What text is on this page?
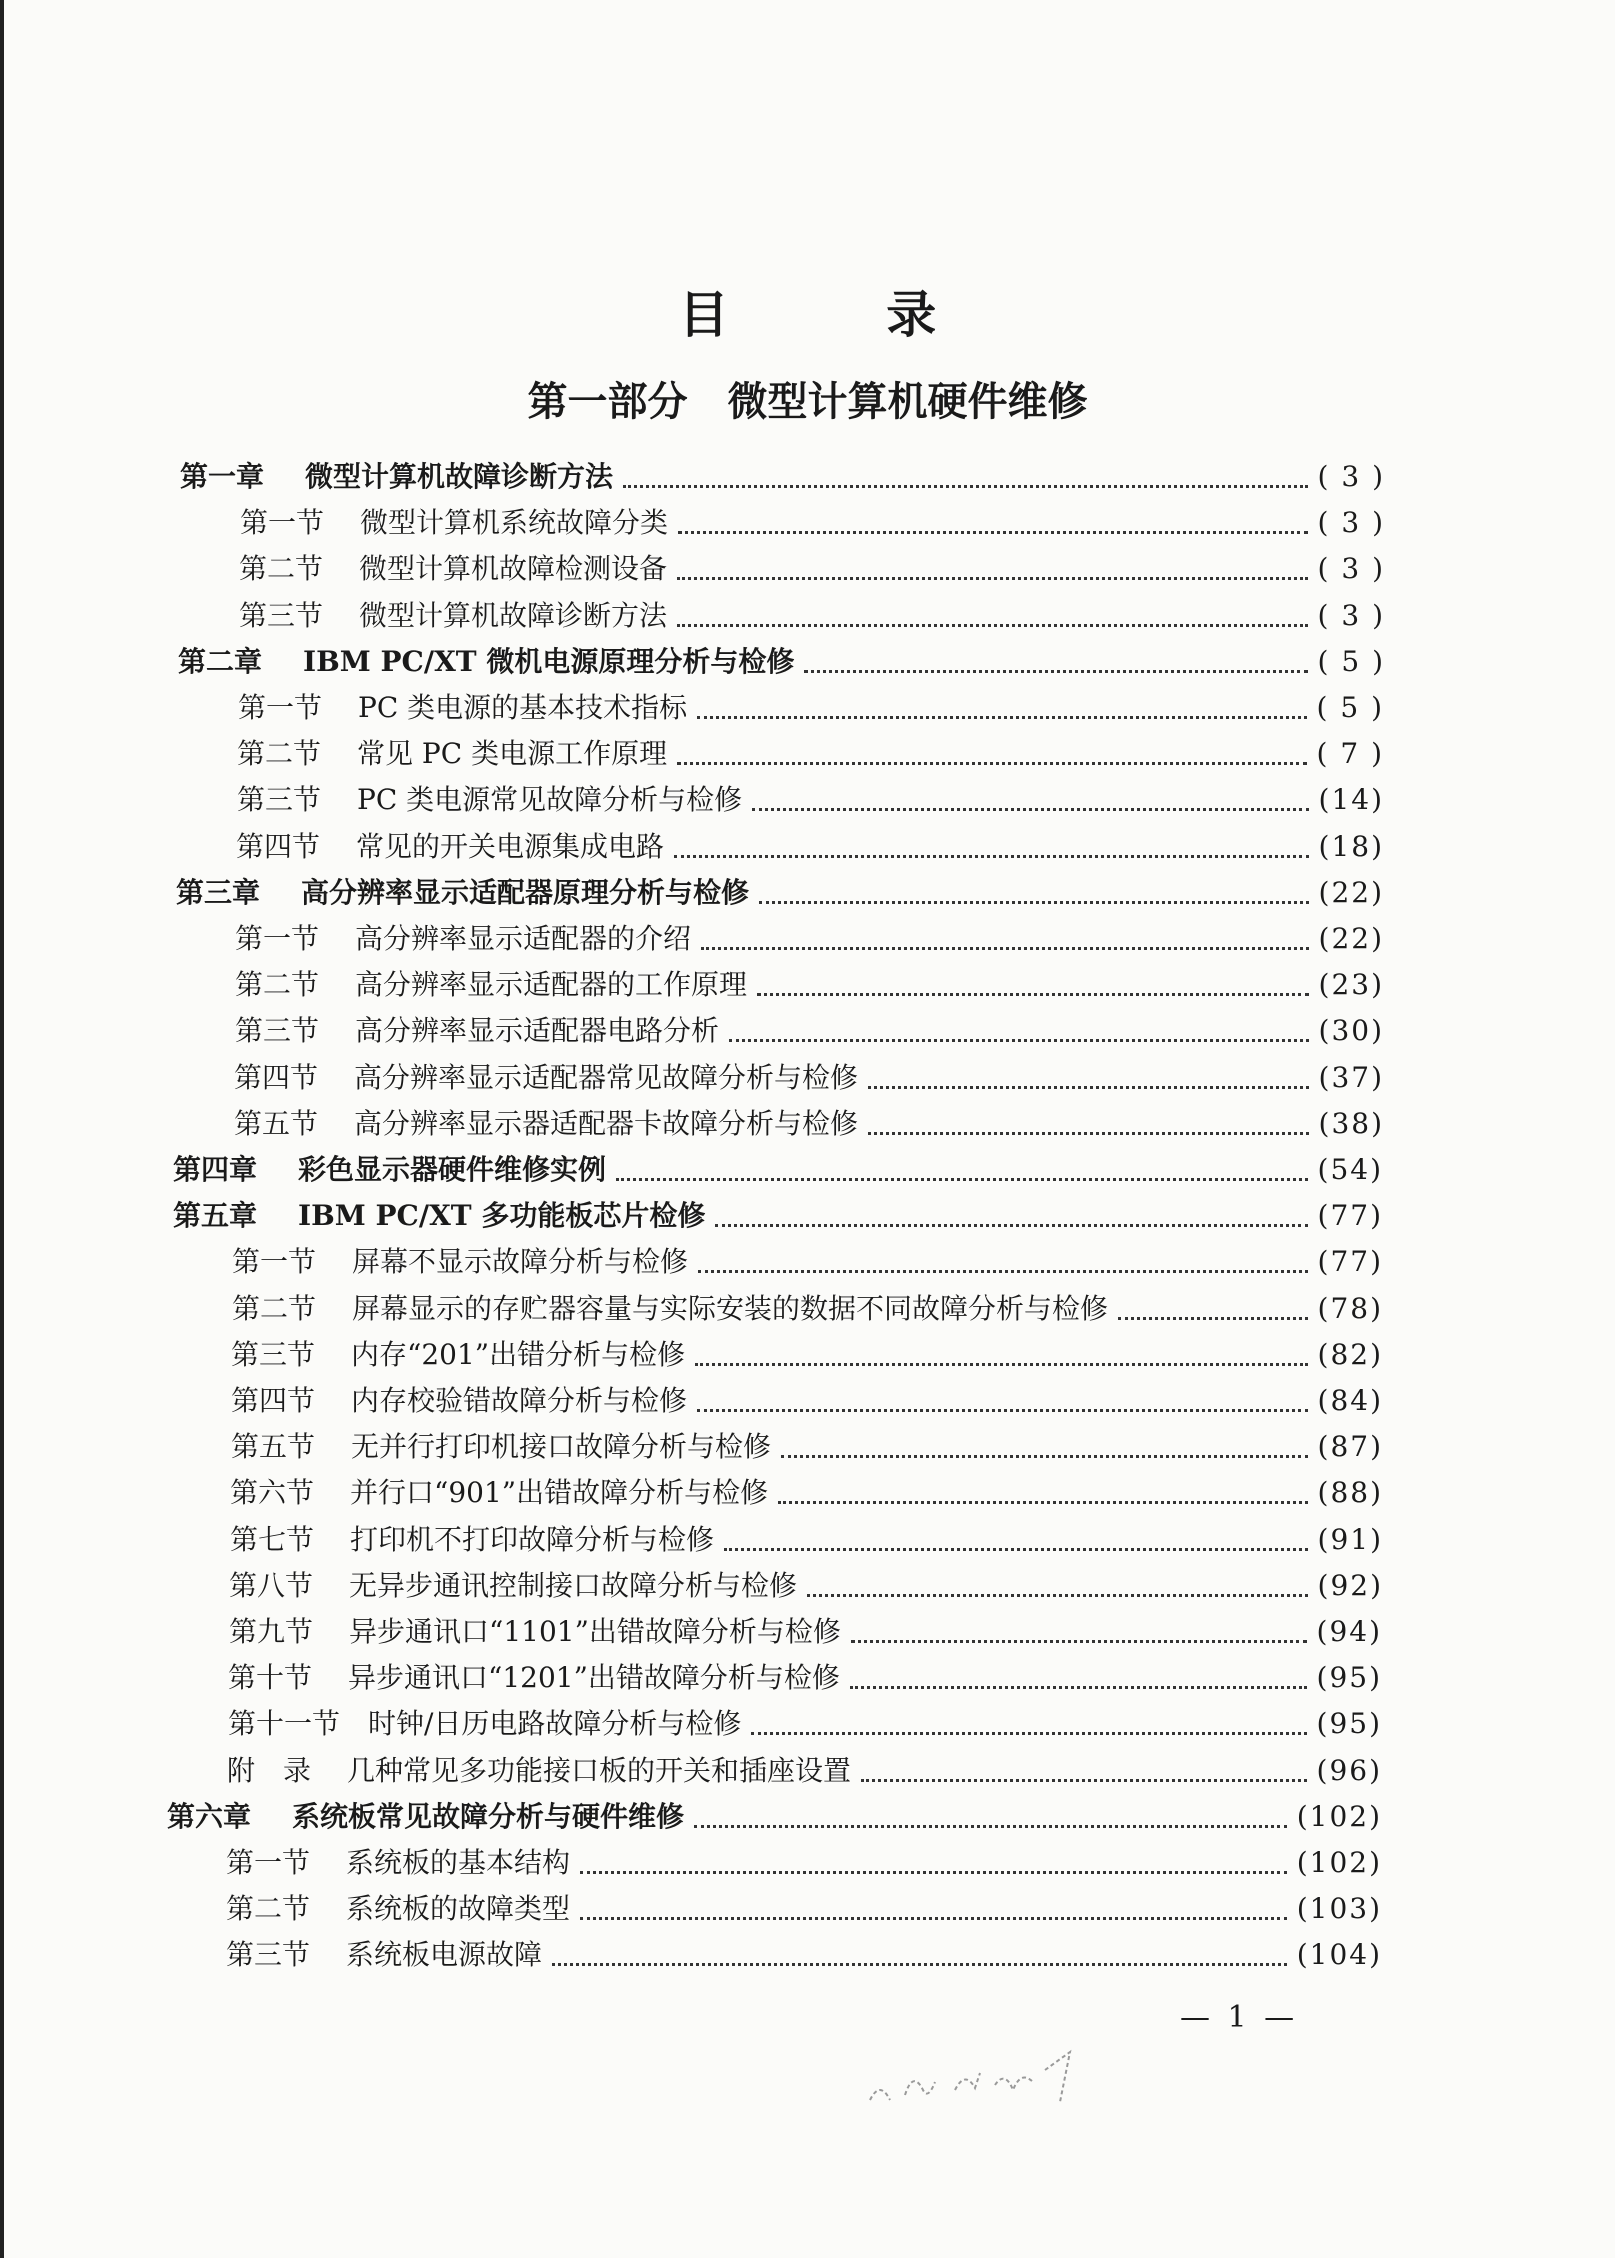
目 录
第一部分　微型计算机硬件维修
第一章	微型计算机故障诊断方法	( 3 )
第一节	微型计算机系统故障分类	( 3 )
第二节	微型计算机故障检测设备	( 3 )
第三节	微型计算机故障诊断方法	( 3 )
第二章	IBM PC/XT 微机电源原理分析与检修	( 5 )
第一节	PC 类电源的基本技术指标	( 5 )
第二节	常见 PC 类电源工作原理	( 7 )
第三节	PC 类电源常见故障分析与检修	(14)
第四节	常见的开关电源集成电路	(18)
第三章	高分辨率显示适配器原理分析与检修	(22)
第一节	高分辨率显示适配器的介绍	(22)
第二节	高分辨率显示适配器的工作原理	(23)
第三节	高分辨率显示适配器电路分析	(30)
第四节	高分辨率显示适配器常见故障分析与检修	(37)
第五节	高分辨率显示器适配器卡故障分析与检修	(38)
第四章	彩色显示器硬件维修实例	(54)
第五章	IBM PC/XT 多功能板芯片检修	(77)
第一节	屏幕不显示故障分析与检修	(77)
第二节	屏幕显示的存贮器容量与实际安装的数据不同故障分析与检修	(78)
第三节	内存“201”出错分析与检修	(82)
第四节	内存校验错故障分析与检修	(84)
第五节	无并行打印机接口故障分析与检修	(87)
第六节	并行口“901”出错故障分析与检修	(88)
第七节	打印机不打印故障分析与检修	(91)
第八节	无异步通讯控制接口故障分析与检修	(92)
第九节	异步通讯口“1101”出错故障分析与检修	(94)
第十节	异步通讯口“1201”出错故障分析与检修	(95)
第十一节 时钟/日历电路故障分析与检修	(95)
附　录	几种常见多功能接口板的开关和插座设置	(96)
第六章	系统板常见故障分析与硬件维修	(102)
第一节	系统板的基本结构	(102)
第二节	系统板的故障类型	(103)
第三节	系统板电源故障	(104)
— 1 —
